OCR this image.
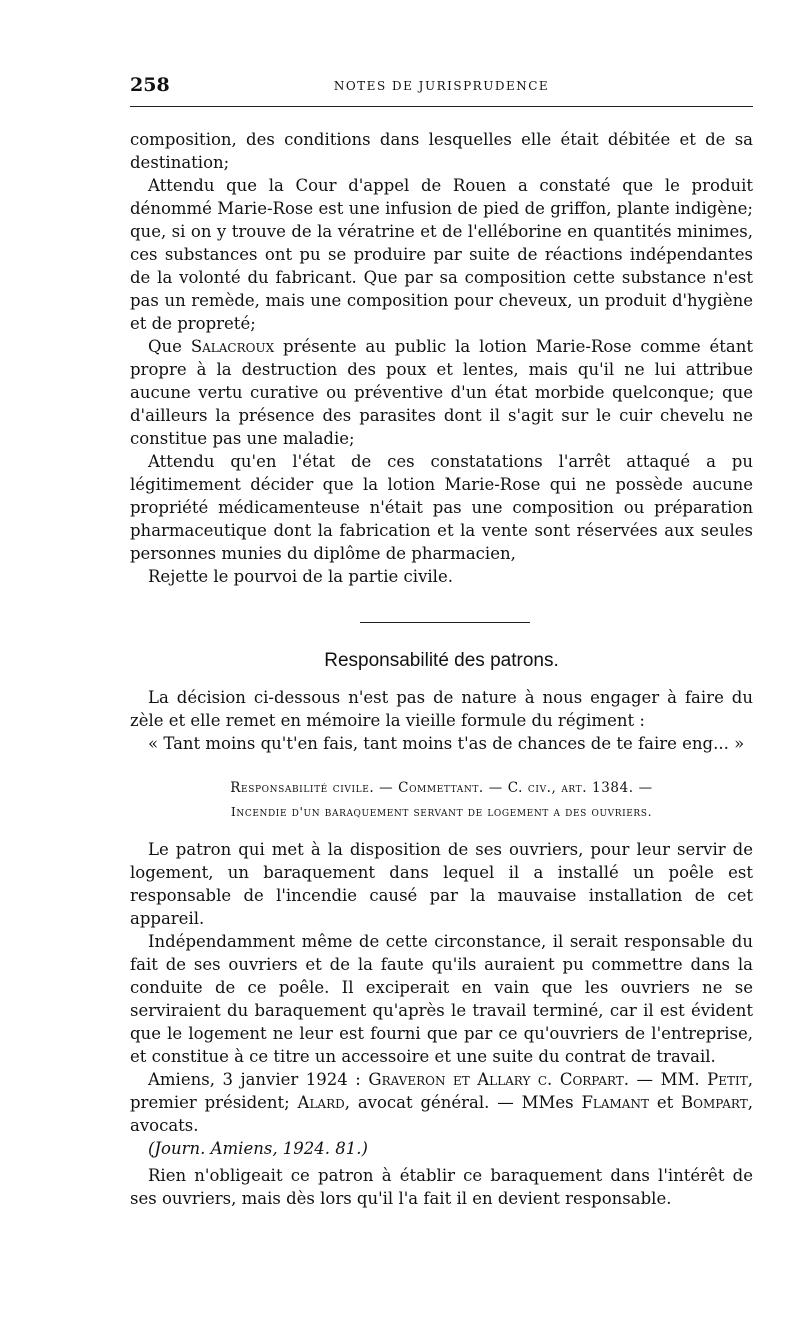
258	NOTES DE JURISPRUDENCE

composition, des conditions dans lesquelles elle était débitée et de sa destination;

Attendu que la Cour d'appel de Rouen a constaté que le produit dénommé Marie-Rose est une infusion de pied de griffon, plante indigène; que, si on y trouve de la vératrine et de l'elléborine en quantités minimes, ces substances ont pu se produire par suite de réactions indépendantes de la volonté du fabricant. Que par sa composition cette substance n'est pas un remède, mais une composition pour cheveux, un produit d'hygiène et de propreté;

Que Salacroux présente au public la lotion Marie-Rose comme étant propre à la destruction des poux et lentes, mais qu'il ne lui attribue aucune vertu curative ou préventive d'un état morbide quelconque; que d'ailleurs la présence des parasites dont il s'agit sur le cuir chevelu ne constitue pas une maladie;

Attendu qu'en l'état de ces constatations l'arrêt attaqué a pu légitimement décider que la lotion Marie-Rose qui ne possède aucune propriété médicamenteuse n'était pas une composition ou préparation pharmaceutique dont la fabrication et la vente sont réservées aux seules personnes munies du diplôme de pharmacien,

Rejette le pourvoi de la partie civile.

Responsabilité des patrons.

La décision ci-dessous n'est pas de nature à nous engager à faire du zèle et elle remet en mémoire la vieille formule du régiment :

« Tant moins qu't'en fais, tant moins t'as de chances de te faire eng... »

Responsabilité civile. — Commettant. — C. civ., art. 1384. —
Incendie d'un baraquement servant de logement a des ouvriers.

Le patron qui met à la disposition de ses ouvriers, pour leur servir de logement, un baraquement dans lequel il a installé un poêle est responsable de l'incendie causé par la mauvaise installation de cet appareil.

Indépendamment même de cette circonstance, il serait responsable du fait de ses ouvriers et de la faute qu'ils auraient pu commettre dans la conduite de ce poêle. Il exciperait en vain que les ouvriers ne se serviraient du baraquement qu'après le travail terminé, car il est évident que le logement ne leur est fourni que par ce qu'ouvriers de l'entreprise, et constitue à ce titre un accessoire et une suite du contrat de travail.

Amiens, 3 janvier 1924 : Graveron et Allary c. Corpart. — MM. Petit, premier président; Alard, avocat général. — MMes Flamant et Bompart, avocats.

(Journ. Amiens, 1924. 81.)

Rien n'obligeait ce patron à établir ce baraquement dans l'intérêt de ses ouvriers, mais dès lors qu'il l'a fait il en devient responsable.
